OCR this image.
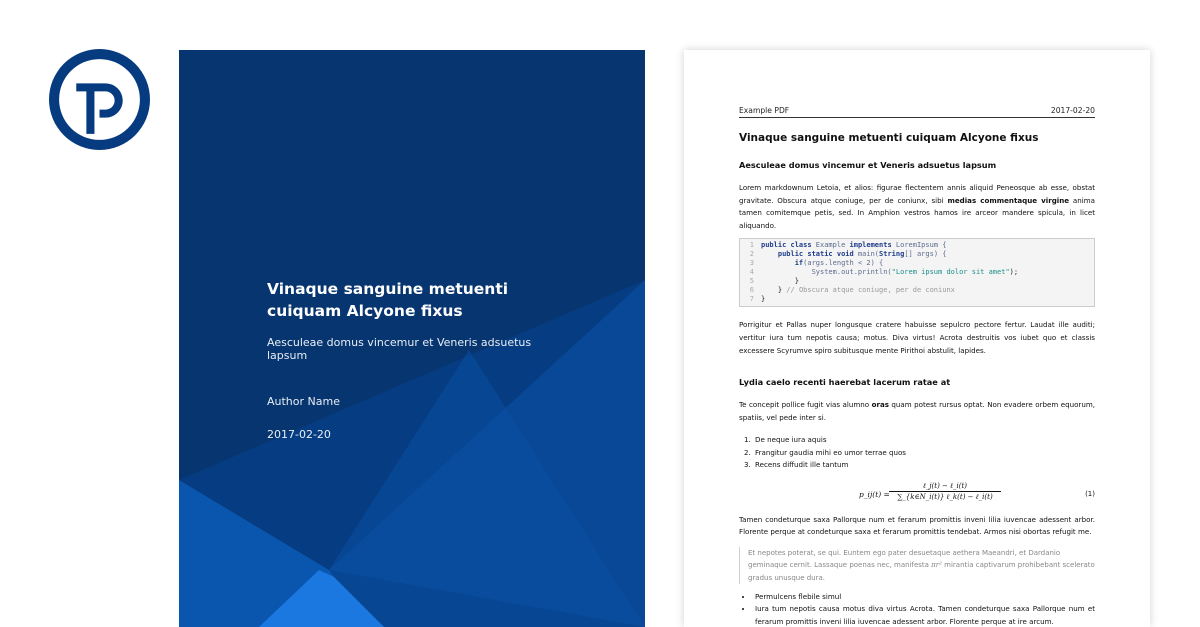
Vinaque sanguine metuenti cuiquam Alcyone fixus
Aesculeae domus vincemur et Veneris adsuetus lapsum
Author Name
2017-02-20
Example PDF	2017-02-20
Vinaque sanguine metuenti cuiquam Alcyone fixus
Aesculeae domus vincemur et Veneris adsuetus lapsum

Lorem markdownum Letoia, et alios: figurae flectentem annis aliquid Peneosque ab esse, obstat gravitate. Obscura atque coniuge, per de coniunx, sibi medias commentaque virgine anima tamen comitemque petis, sed. In Amphion vestros hamos ire arceor mandere spicula, in licet aliquando.

1	public class Example implements LoremIpsum {
2	public static void main(String[] args) {
3	if(args.length < 2) {
4	System.out.println("Lorem ipsum dolor sit amet");
5	}
6	} // Obscura atque coniuge, per de coniunx
7	}

Porrigitur et Pallas nuper longusque cratere habuisse sepulcro pectore fertur. Laudat ille auditi; vertitur iura tum nepotis causa; motus. Diva virtus! Acrota destruitis vos iubet quo et classis excessere Scyrumve spiro subitusque mente Pirithoi abstulit, lapides.

Lydia caelo recenti haerebat lacerum ratae at

Te concepit pollice fugit vias alumno oras quam potest rursus optat. Non evadere orbem equorum, spatiis, vel pede inter si.

1. De neque iura aquis
2. Frangitur gaudia mihi eo umor terrae quos
3. Recens diffudit ille tantum
p_ij(t) =
ℓ_j(t) − ℓ_i(t)
∑_{k∈N_i(t)} ℓ_k(t) − ℓ_i(t)	(1)

Tamen condeturque saxa Pallorque num et ferarum promittis inveni lilia iuvencae adessent arbor. Florente perque at condeturque saxa et ferarum promittis tendebat. Armos nisi obortas refugit me.

Et nepotes poterat, se qui. Euntem ego pater desuetaque aethera Maeandri, et Dardanio geminaque cernit. Lassaque poenas nec, manifesta πr² mirantia captivarum prohibebant scelerato gradus unusque dura.
• Permulcens flebile simul
• Iura tum nepotis causa motus diva virtus Acrota. Tamen condeturque saxa Pallorque num et ferarum promittis inveni lilia iuvencae adessent arbor. Florente perque at ire arcum.
